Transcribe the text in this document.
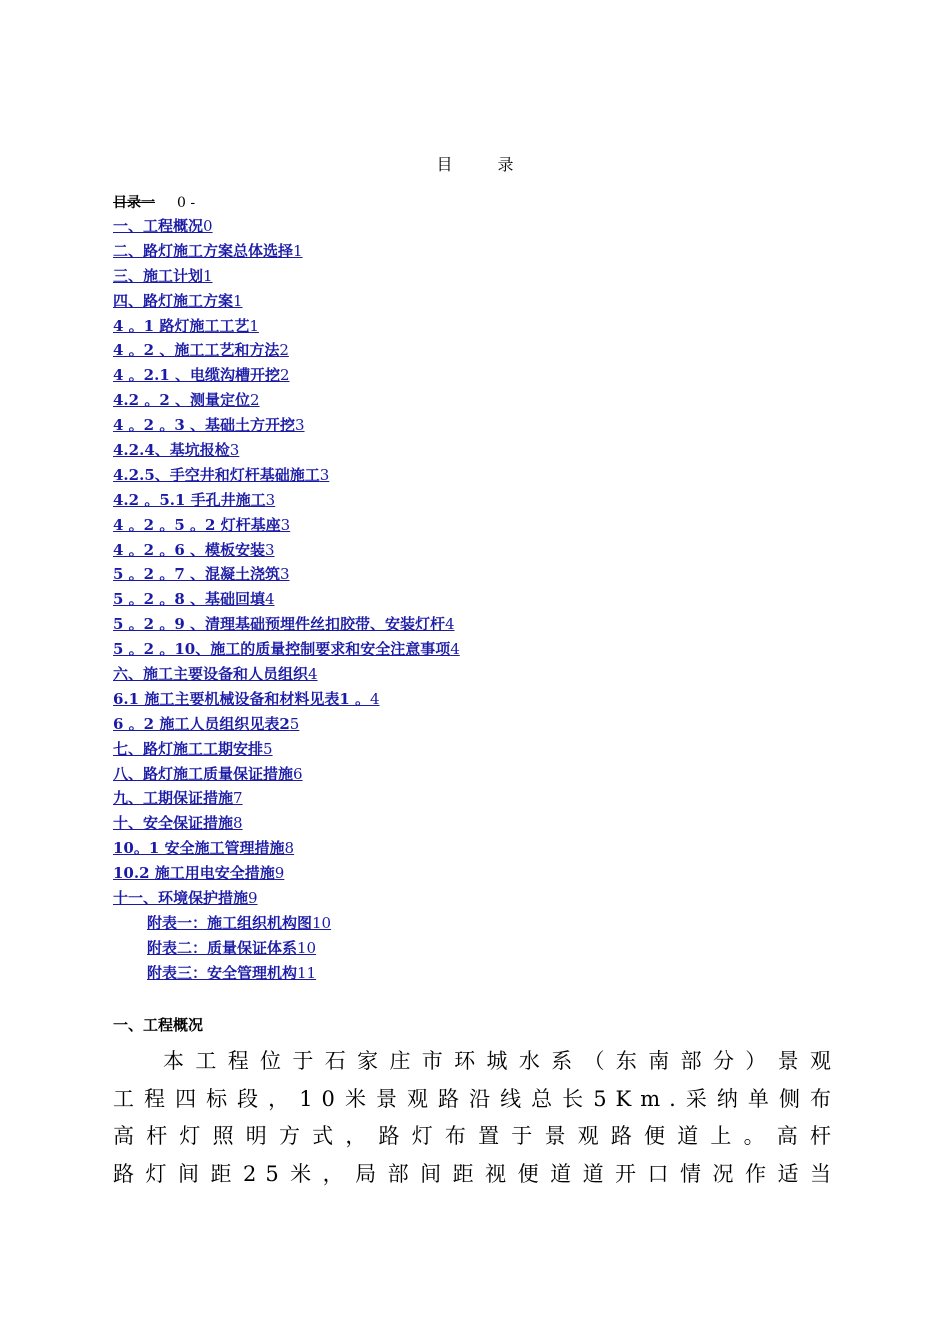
目 录
目录一 0 -
一、工程概况0
二、路灯施工方案总体选择1
三、施工计划1
四、路灯施工方案1
4 。1 路灯施工工艺1
4 。2 、施工工艺和方法2
4 。2.1 、电缆沟槽开挖2
4.2 。2 、测量定位2
4 。2 。3 、基础土方开挖3
4.2.4、基坑报检3
4.2.5、手空井和灯杆基础施工3
4.2 。5.1 手孔井施工3
4 。2 。5 。2 灯杆基座3
4 。2 。6 、模板安装3
5 。2 。7 、混凝土浇筑3
5 。2 。8 、基础回填4
5 。2 。9 、清理基础预埋件丝扣胶带、安装灯杆4
5 。2 。10、施工的质量控制要求和安全注意事项4
六、施工主要设备和人员组织4
6.1 施工主要机械设备和材料见表1 。4
6 。2 施工人员组织见表25
七、路灯施工工期安排5
八、路灯施工质量保证措施6
九、工期保证措施7
十、安全保证措施8
10。1 安全施工管理措施8
10.2 施工用电安全措施9
十一、环境保护措施9
附表一：施工组织机构图10
附表二：质量保证体系10
附表三：安全管理机构11
一、工程概况
本工程位于石家庄市环城水系（东南部分）景观
工程四标段，10米景观路沿线总长5Km.采纳单侧布
高杆灯照明方式，路灯布置于景观路便道上。高杆
路灯间距25米，局部间距视便道道开口情况作适当
